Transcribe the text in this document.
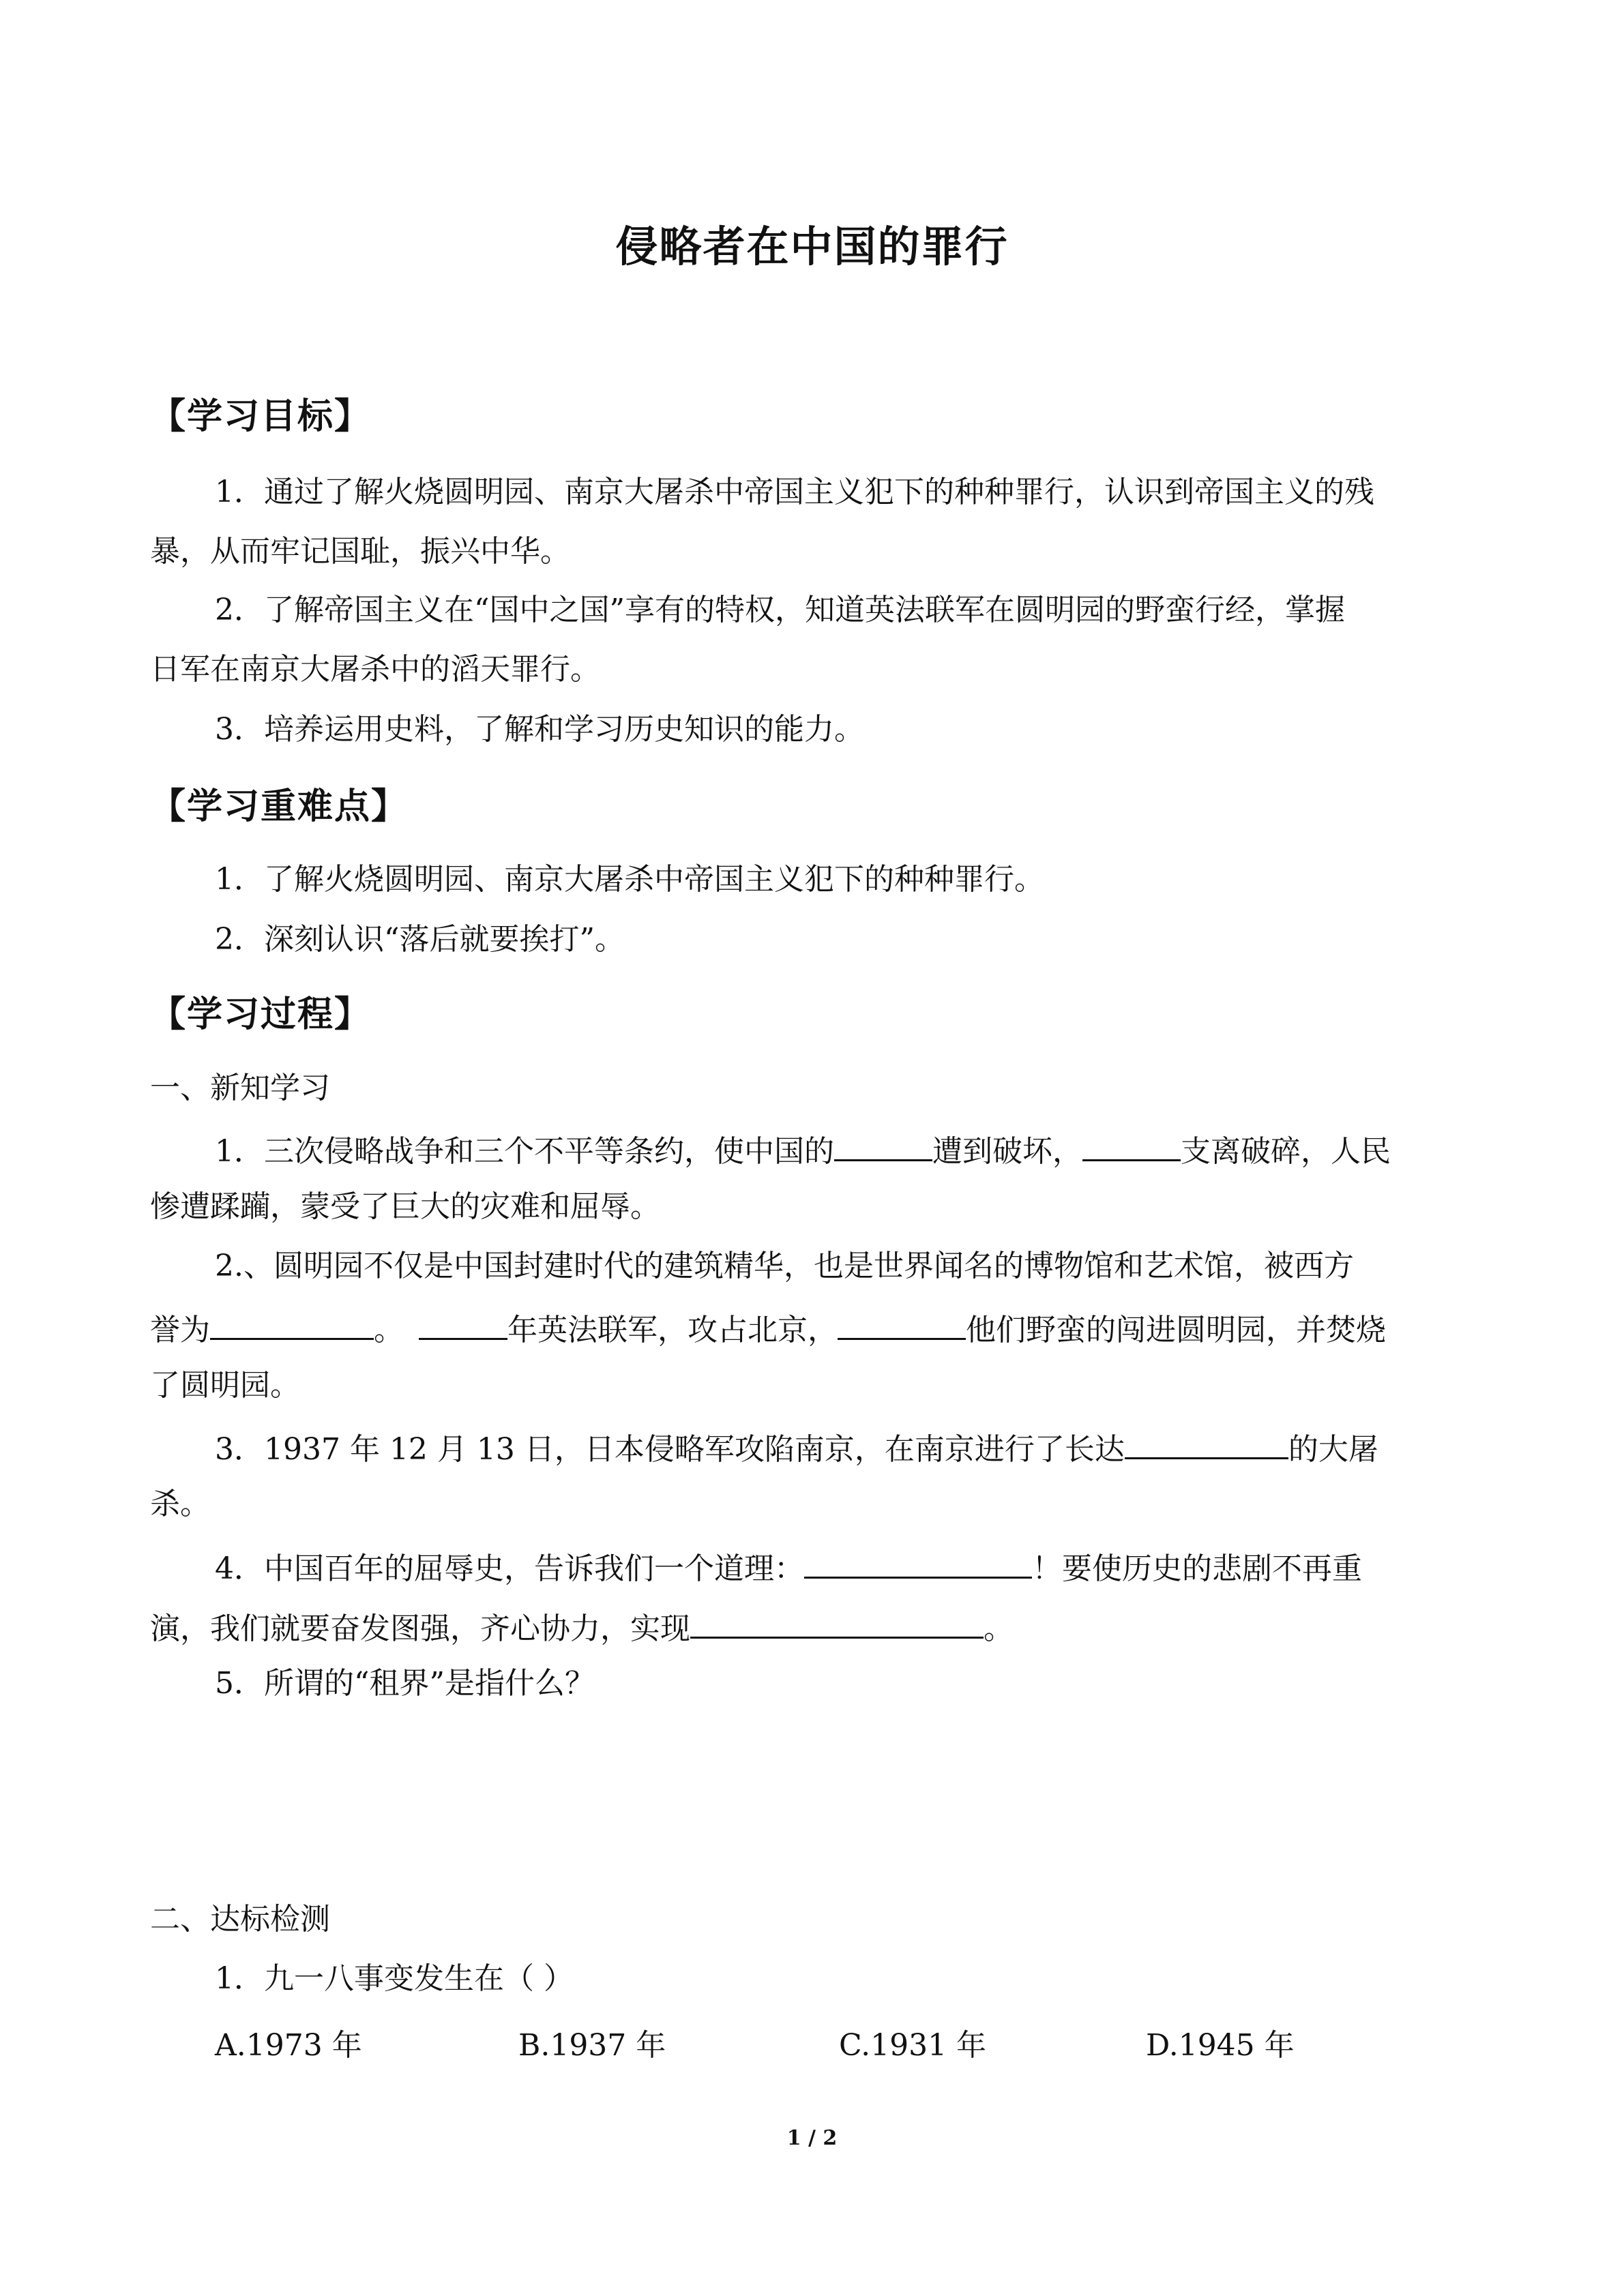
侵略者在中国的罪行
【学习目标】
1．通过了解火烧圆明园、南京大屠杀中帝国主义犯下的种种罪行，认识到帝国主义的残
暴，从而牢记国耻，振兴中华。
2．了解帝国主义在“国中之国”享有的特权，知道英法联军在圆明园的野蛮行经，掌握
日军在南京大屠杀中的滔天罪行。
3．培养运用史料，了解和学习历史知识的能力。
【学习重难点】
1．了解火烧圆明园、南京大屠杀中帝国主义犯下的种种罪行。
2．深刻认识“落后就要挨打”。
【学习过程】
一、新知学习
1．三次侵略战争和三个不平等条约，使中国的	遭到破坏，	支离破碎，人民
惨遭蹂躏，蒙受了巨大的灾难和屈辱。
2.、圆明园不仅是中国封建时代的建筑精华，也是世界闻名的博物馆和艺术馆，被西方
誉为	。	年英法联军，攻占北京，	他们野蛮的闯进圆明园，并焚烧
了圆明园。
3．1937 年 12 月 13 日，日本侵略军攻陷南京，在南京进行了长达	的大屠
杀。
4．中国百年的屈辱史，告诉我们一个道理：	！要使历史的悲剧不再重
演，我们就要奋发图强，齐心协力，实现	。
5．所谓的“租界”是指什么？
二、达标检测
1．九一八事变发生在（ ）
A.1973 年	B.1937 年	C.1931 年	D.1945 年
1 / 2
